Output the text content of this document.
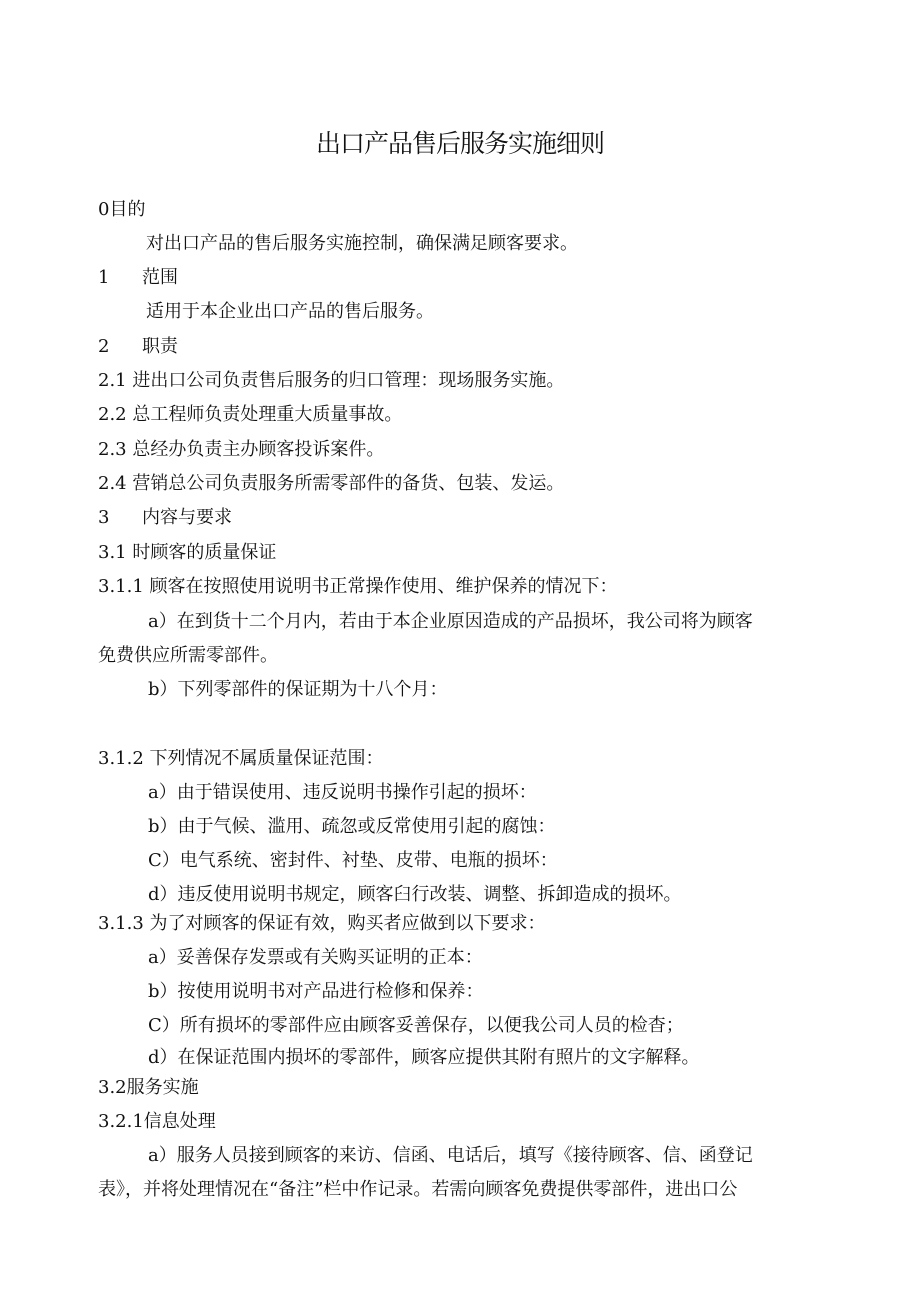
出口产品售后服务实施细则
0目的
对出口产品的售后服务实施控制，确保满足顾客要求。
1 范围
适用于本企业出口产品的售后服务。
2 职责
2.1 进出口公司负责售后服务的归口管理：现场服务实施。
2.2 总工程师负责处理重大质量事故。
2.3 总经办负责主办顾客投诉案件。
2.4 营销总公司负责服务所需零部件的备货、包装、发运。
3 内容与要求
3.1 时顾客的质量保证
3.1.1 顾客在按照使用说明书正常操作使用、维护保养的情况下：
a）在到货十二个月内，若由于本企业原因造成的产品损坏，我公司将为顾客
免费供应所需零部件。
b）下列零部件的保证期为十八个月：
3.1.2 下列情况不属质量保证范围：
a）由于错误使用、违反说明书操作引起的损坏：
b）由于气候、滥用、疏忽或反常使用引起的腐蚀：
C）电气系统、密封件、衬垫、皮带、电瓶的损坏：
d）违反使用说明书规定，顾客臼行改装、调整、拆卸造成的损坏。
3.1.3 为了对顾客的保证有效，购买者应做到以下要求：
a）妥善保存发票或有关购买证明的正本：
b）按使用说明书对产品进行检修和保养：
C）所有损坏的零部件应由顾客妥善保存，以便我公司人员的检杳；
d）在保证范围内损坏的零部件，顾客应提供其附有照片的文字解释。
3.2服务实施
3.2.1信息处理
a）服务人员接到顾客的来访、信函、电话后，填写《接待顾客、信、函登记
表》，并将处理情况在“备注”栏中作记录。若需向顾客免费提供零部件，进出口公
